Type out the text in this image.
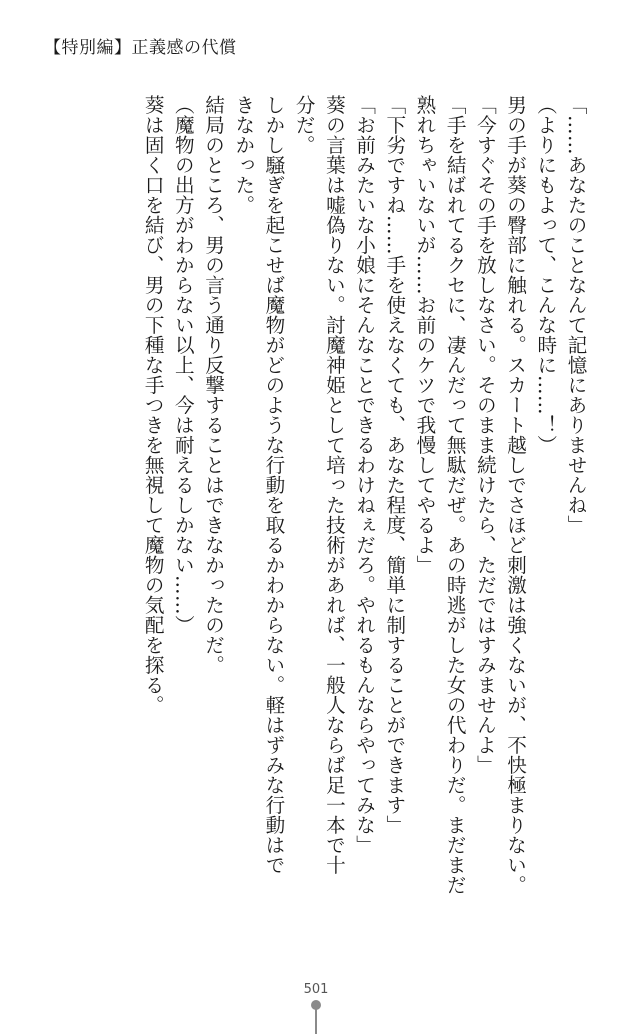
【特別編】正義感の代償
「……あなたのことなんて記憶にありませんね」
（よりにもよって、こんな時に……！）
男の手が葵の臀部に触れる。スカート越しでさほど刺激は強くないが、不快極まりない。
「今すぐその手を放しなさい。そのまま続けたら、ただではすみませんよ」
「手を結ばれてるクセに、凄んだって無駄だぜ。あの時逃がした女の代わりだ。まだまだ
熟れちゃいないが……お前のケツで我慢してやるよ」
「下劣ですね……手を使えなくても、あなた程度、簡単に制することができます」
「お前みたいな小娘にそんなことできるわけねぇだろ。やれるもんならやってみな」
葵の言葉は嘘偽りない。討魔神姫として培った技術があれば、一般人ならば足一本で十
分だ。
しかし騒ぎを起こせば魔物がどのような行動を取るかわからない。軽はずみな行動はで
きなかった。
結局のところ、男の言う通り反撃することはできなかったのだ。
（魔物の出方がわからない以上、今は耐えるしかない……）
葵は固く口を結び、男の下種な手つきを無視して魔物の気配を探る。
501
